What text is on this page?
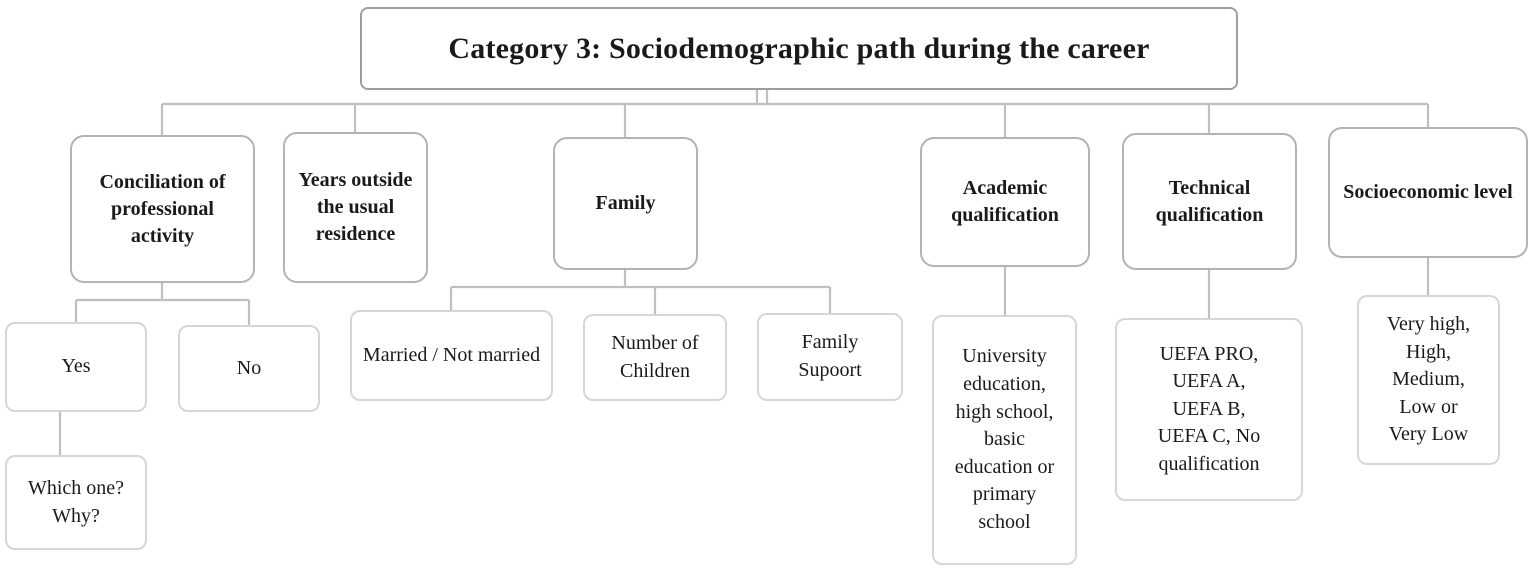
Category 3: Sociodemographic path during the career
Conciliation of professional activity
Years outside the usual residence
Family
Academic qualification
Technical qualification
Socioeconomic level
Yes	No
Which one? Why?
Married / Not married
Number of Children
Family Supoort
University education, high school, basic education or primary school
UEFA PRO, UEFA A, UEFA B, UEFA C, No qualification
Very high, High, Medium, Low or Very Low
